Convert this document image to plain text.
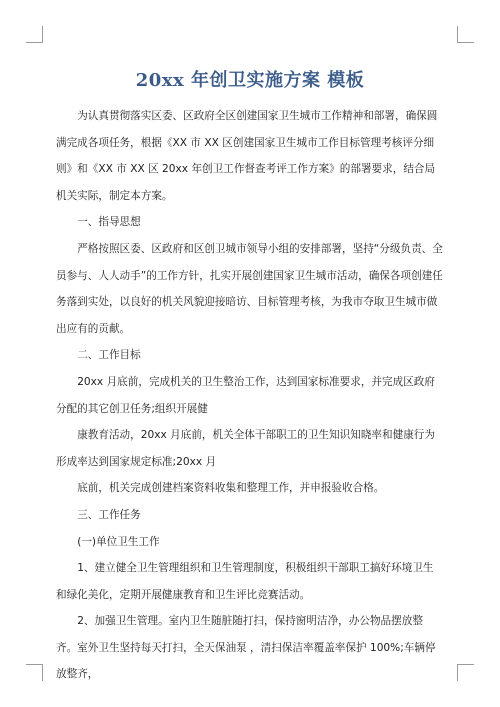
20xx 年创卫实施方案 模板

为认真贯彻落实区委、区政府全区创建国家卫生城市工作精神和部署，确保圆满完成各项任务，根据《XX 市 XX 区创建国家卫生城市工作目标管理考核评分细则》和《XX 市 XX 区 20xx 年创卫工作督查考评工作方案》的部署要求，结合局机关实际，制定本方案。

一、指导思想

严格按照区委、区政府和区创卫城市领导小组的安排部署，坚持“分级负责、全员参与、人人动手”的工作方针，扎实开展创建国家卫生城市活动，确保各项创建任务落到实处，以良好的机关风貌迎接暗访、目标管理考核，为我市夺取卫生城市做出应有的贡献。

二、工作目标

20xx 月底前，完成机关的卫生整治工作，达到国家标准要求，并完成区政府分配的其它创卫任务;组织开展健

康教育活动，20xx 月底前，机关全体干部职工的卫生知识知晓率和健康行为形成率达到国家规定标准;20xx 月

底前，机关完成创建档案资料收集和整理工作，并申报验收合格。

三、工作任务

(一)单位卫生工作

1、建立健全卫生管理组织和卫生管理制度，积极组织干部职工搞好环境卫生和绿化美化，定期开展健康教育和卫生评比竞赛活动。

2、加强卫生管理。室内卫生随脏随打扫，保持窗明洁净，办公物品摆放整齐。室外卫生坚持每天打扫，全天保油泵 ，清扫保洁率覆盖率保护 100%;车辆停放整齐，
